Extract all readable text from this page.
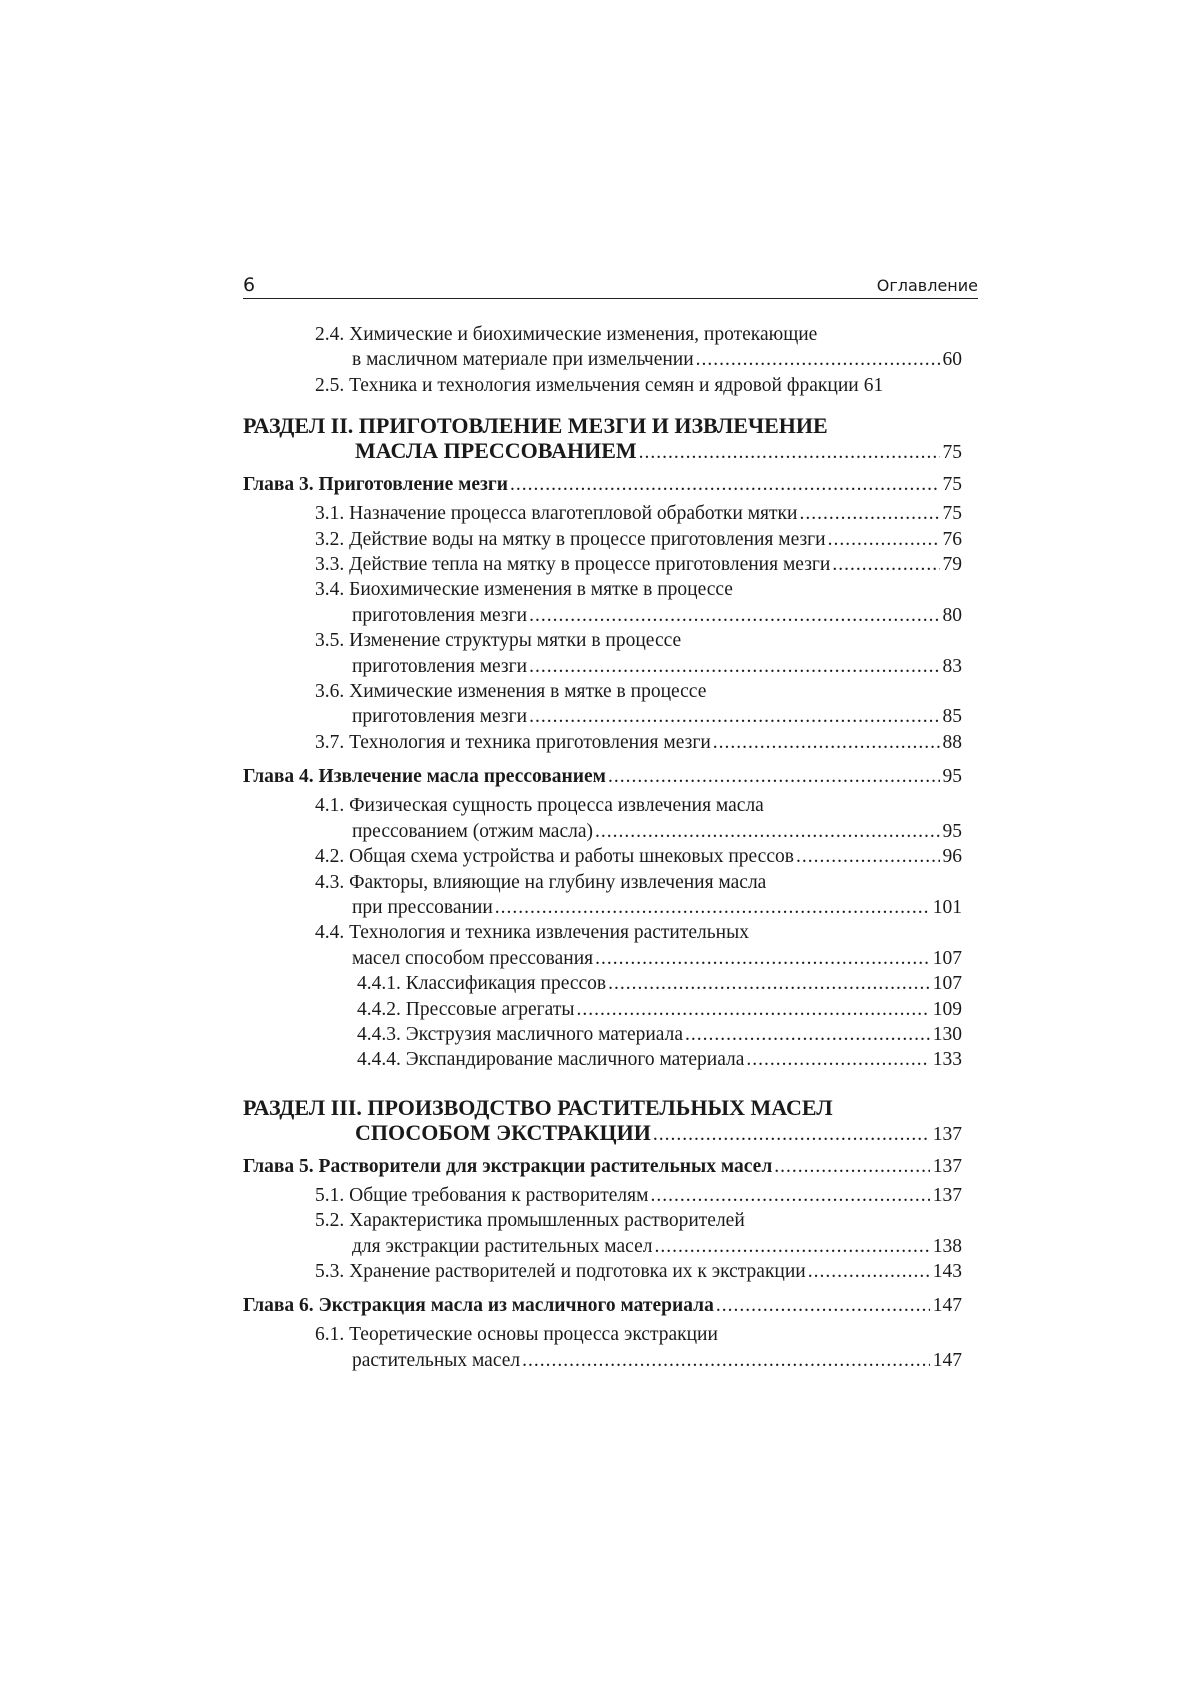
6	Оглавление
2.4. Химические и биохимические изменения, протекающие
в масличном материале при измельчении .....	60
2.5. Техника и технология измельчения семян и ядровой фракции 61
РАЗДЕЛ II. ПРИГОТОВЛЕНИЕ МЕЗГИ И ИЗВЛЕЧЕНИЕ
МАСЛА ПРЕССОВАНИЕМ .....	75
Глава 3. Приготовление мезги .....	75
3.1. Назначение процесса влаготепловой обработки мятки .....	75
3.2. Действие воды на мятку в процессе приготовления мезги .....	76
3.3. Действие тепла на мятку в процессе приготовления мезги .....	79
3.4. Биохимические изменения в мятке в процессе
приготовления мезги .....	80
3.5. Изменение структуры мятки в процессе
приготовления мезги .....	83
3.6. Химические изменения в мятке в процессе
приготовления мезги .....	85
3.7. Технология и техника приготовления мезги .....	88
Глава 4. Извлечение масла прессованием .....	95
4.1. Физическая сущность процесса извлечения масла
прессованием (отжим масла) .....	95
4.2. Общая схема устройства и работы шнековых прессов .....	96
4.3. Факторы, влияющие на глубину извлечения масла
при прессовании .....	101
4.4. Технология и техника извлечения растительных
масел способом прессования .....	107
4.4.1. Классификация прессов .....	107
4.4.2. Прессовые агрегаты .....	109
4.4.3. Экструзия масличного материала .....	130
4.4.4. Экспандирование масличного материала .....	133
РАЗДЕЛ III. ПРОИЗВОДСТВО РАСТИТЕЛЬНЫХ МАСЕЛ
СПОСОБОМ ЭКСТРАКЦИИ .....	137
Глава 5. Растворители для экстракции растительных масел .....	137
5.1. Общие требования к растворителям .....	137
5.2. Характеристика промышленных растворителей
для экстракции растительных масел .....	138
5.3. Хранение растворителей и подготовка их к экстракции .....	143
Глава 6. Экстракция масла из масличного материала .....	147
6.1. Теоретические основы процесса экстракции
растительных масел .....	147
